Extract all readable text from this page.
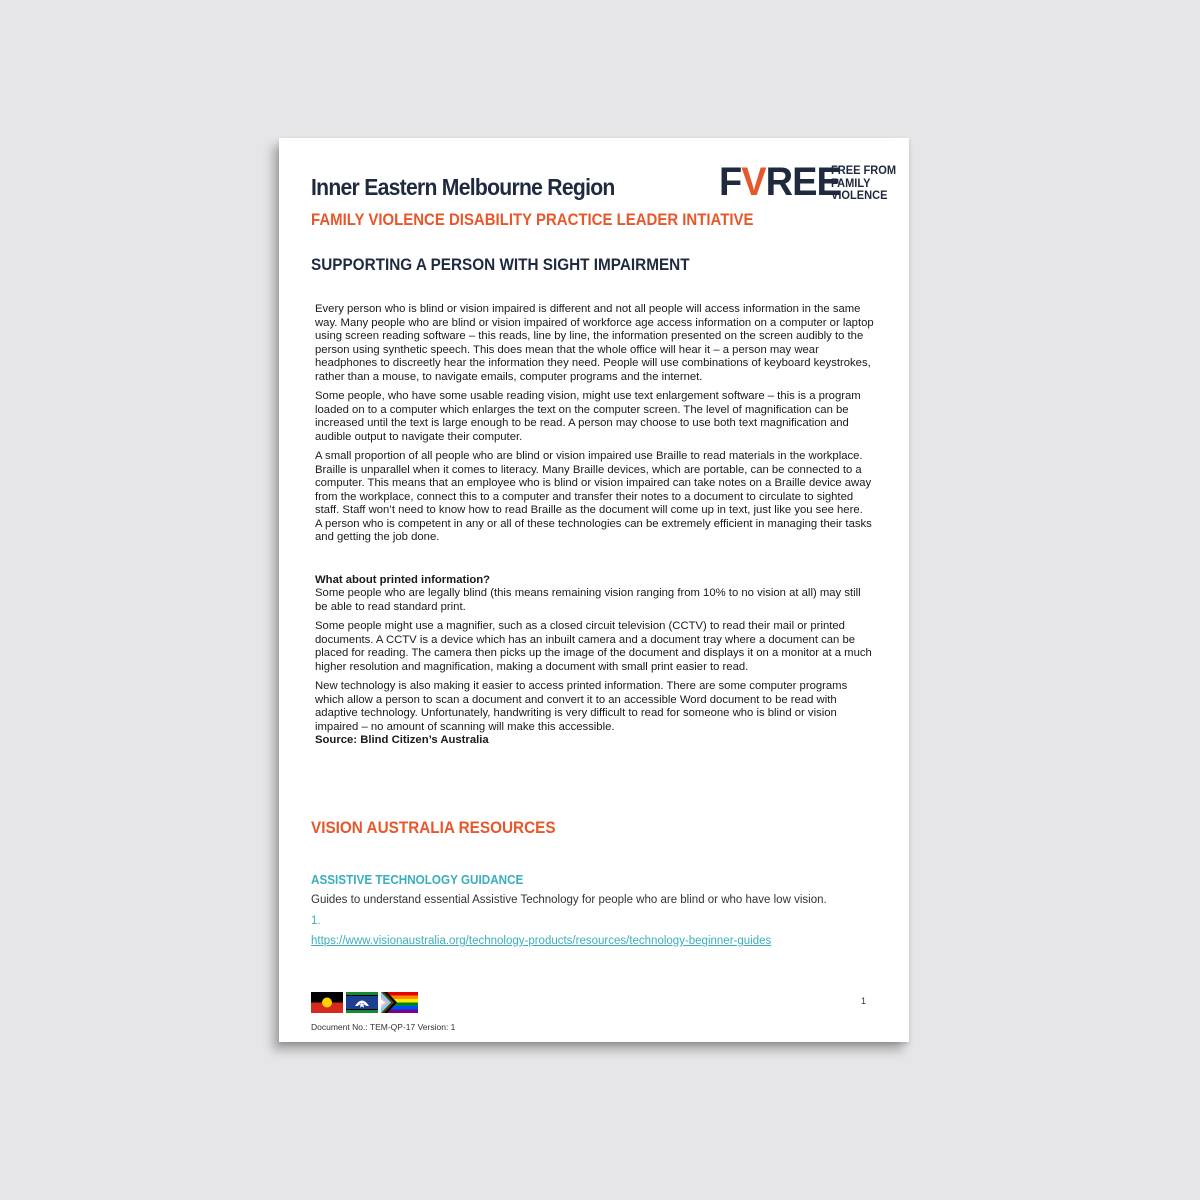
Inner Eastern Melbourne Region
FAMILY VIOLENCE DISABILITY PRACTICE LEADER INTIATIVE
SUPPORTING A PERSON WITH SIGHT IMPAIRMENT
FVREE
FREE FROM
FAMILY
VIOLENCE

Every person who is blind or vision impaired is different and not all people will access information in the same way. Many people who are blind or vision impaired of workforce age access information on a computer or laptop using screen reading software – this reads, line by line, the information presented on the screen audibly to the person using synthetic speech. This does mean that the whole office will hear it – a person may wear headphones to discreetly hear the information they need. People will use combinations of keyboard keystrokes, rather than a mouse, to navigate emails, computer programs and the internet.

Some people, who have some usable reading vision, might use text enlargement software – this is a program loaded on to a computer which enlarges the text on the computer screen. The level of magnification can be increased until the text is large enough to be read. A person may choose to use both text magnification and audible output to navigate their computer.

A small proportion of all people who are blind or vision impaired use Braille to read materials in the workplace. Braille is unparallel when it comes to literacy. Many Braille devices, which are portable, can be connected to a computer. This means that an employee who is blind or vision impaired can take notes on a Braille device away from the workplace, connect this to a computer and transfer their notes to a document to circulate to sighted staff. Staff won’t need to know how to read Braille as the document will come up in text, just like you see here.

A person who is competent in any or all of these technologies can be extremely efficient in managing their tasks and getting the job done.

What about printed information?

Some people who are legally blind (this means remaining vision ranging from 10% to no vision at all) may still be able to read standard print.

Some people might use a magnifier, such as a closed circuit television (CCTV) to read their mail or printed documents. A CCTV is a device which has an inbuilt camera and a document tray where a document can be placed for reading. The camera then picks up the image of the document and displays it on a monitor at a much higher resolution and magnification, making a document with small print easier to read.

New technology is also making it easier to access printed information. There are some computer programs which allow a person to scan a document and convert it to an accessible Word document to be read with adaptive technology. Unfortunately, handwriting is very difficult to read for someone who is blind or vision impaired – no amount of scanning will make this accessible.

Source: Blind Citizen’s Australia

VISION AUSTRALIA RESOURCES
ASSISTIVE TECHNOLOGY GUIDANCE

Guides to understand essential Assistive Technology for people who are blind or who have low vision.

1.
https://www.visionaustralia.org/technology-products/resources/technology-beginner-guides
1
Document No.: TEM-QP-17 Version: 1
